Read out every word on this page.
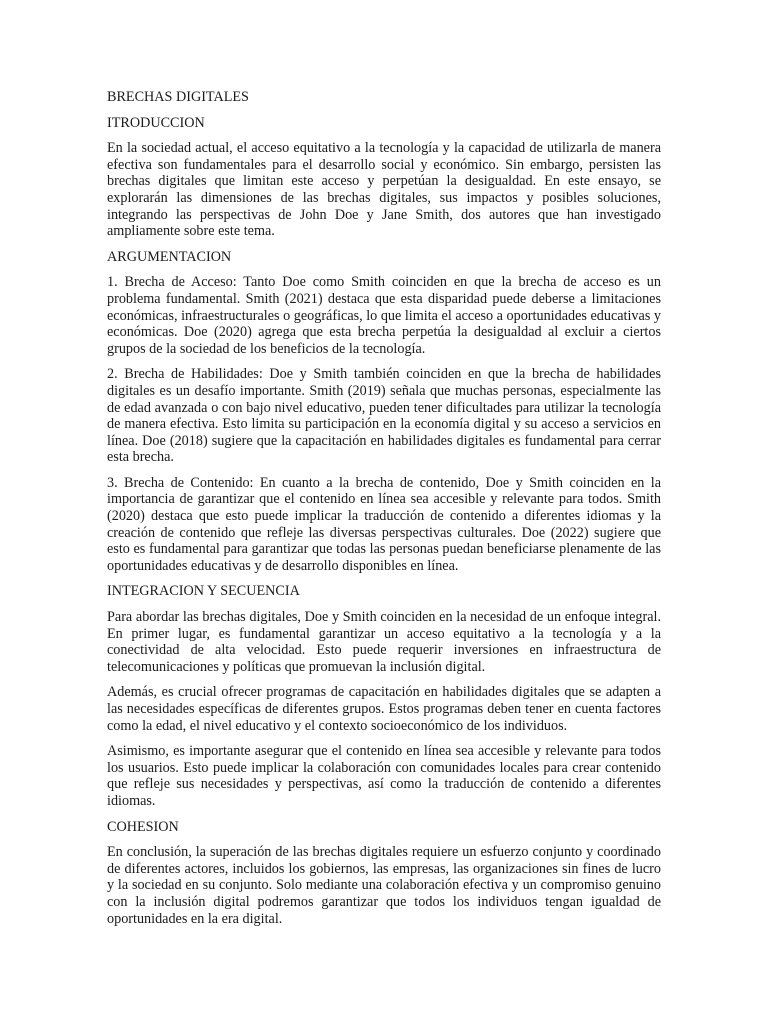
BRECHAS DIGITALES
ITRODUCCION

En la sociedad actual, el acceso equitativo a la tecnología y la capacidad de utilizarla de manera efectiva son fundamentales para el desarrollo social y económico. Sin embargo, persisten las brechas digitales que limitan este acceso y perpetúan la desigualdad. En este ensayo, se explorarán las dimensiones de las brechas digitales, sus impactos y posibles soluciones, integrando las perspectivas de John Doe y Jane Smith, dos autores que han investigado ampliamente sobre este tema.

ARGUMENTACION

1. Brecha de Acceso: Tanto Doe como Smith coinciden en que la brecha de acceso es un problema fundamental. Smith (2021) destaca que esta disparidad puede deberse a limitaciones económicas, infraestructurales o geográficas, lo que limita el acceso a oportunidades educativas y económicas. Doe (2020) agrega que esta brecha perpetúa la desigualdad al excluir a ciertos grupos de la sociedad de los beneficios de la tecnología.

2. Brecha de Habilidades: Doe y Smith también coinciden en que la brecha de habilidades digitales es un desafío importante. Smith (2019) señala que muchas personas, especialmente las de edad avanzada o con bajo nivel educativo, pueden tener dificultades para utilizar la tecnología de manera efectiva. Esto limita su participación en la economía digital y su acceso a servicios en línea. Doe (2018) sugiere que la capacitación en habilidades digitales es fundamental para cerrar esta brecha.

3. Brecha de Contenido: En cuanto a la brecha de contenido, Doe y Smith coinciden en la importancia de garantizar que el contenido en línea sea accesible y relevante para todos. Smith (2020) destaca que esto puede implicar la traducción de contenido a diferentes idiomas y la creación de contenido que refleje las diversas perspectivas culturales. Doe (2022) sugiere que esto es fundamental para garantizar que todas las personas puedan beneficiarse plenamente de las oportunidades educativas y de desarrollo disponibles en línea.

INTEGRACION Y SECUENCIA

Para abordar las brechas digitales, Doe y Smith coinciden en la necesidad de un enfoque integral. En primer lugar, es fundamental garantizar un acceso equitativo a la tecnología y a la conectividad de alta velocidad. Esto puede requerir inversiones en infraestructura de telecomunicaciones y políticas que promuevan la inclusión digital.

Además, es crucial ofrecer programas de capacitación en habilidades digitales que se adapten a las necesidades específicas de diferentes grupos. Estos programas deben tener en cuenta factores como la edad, el nivel educativo y el contexto socioeconómico de los individuos.

Asimismo, es importante asegurar que el contenido en línea sea accesible y relevante para todos los usuarios. Esto puede implicar la colaboración con comunidades locales para crear contenido que refleje sus necesidades y perspectivas, así como la traducción de contenido a diferentes idiomas.

COHESION

En conclusión, la superación de las brechas digitales requiere un esfuerzo conjunto y coordinado de diferentes actores, incluidos los gobiernos, las empresas, las organizaciones sin fines de lucro y la sociedad en su conjunto. Solo mediante una colaboración efectiva y un compromiso genuino con la inclusión digital podremos garantizar que todos los individuos tengan igualdad de oportunidades en la era digital.
